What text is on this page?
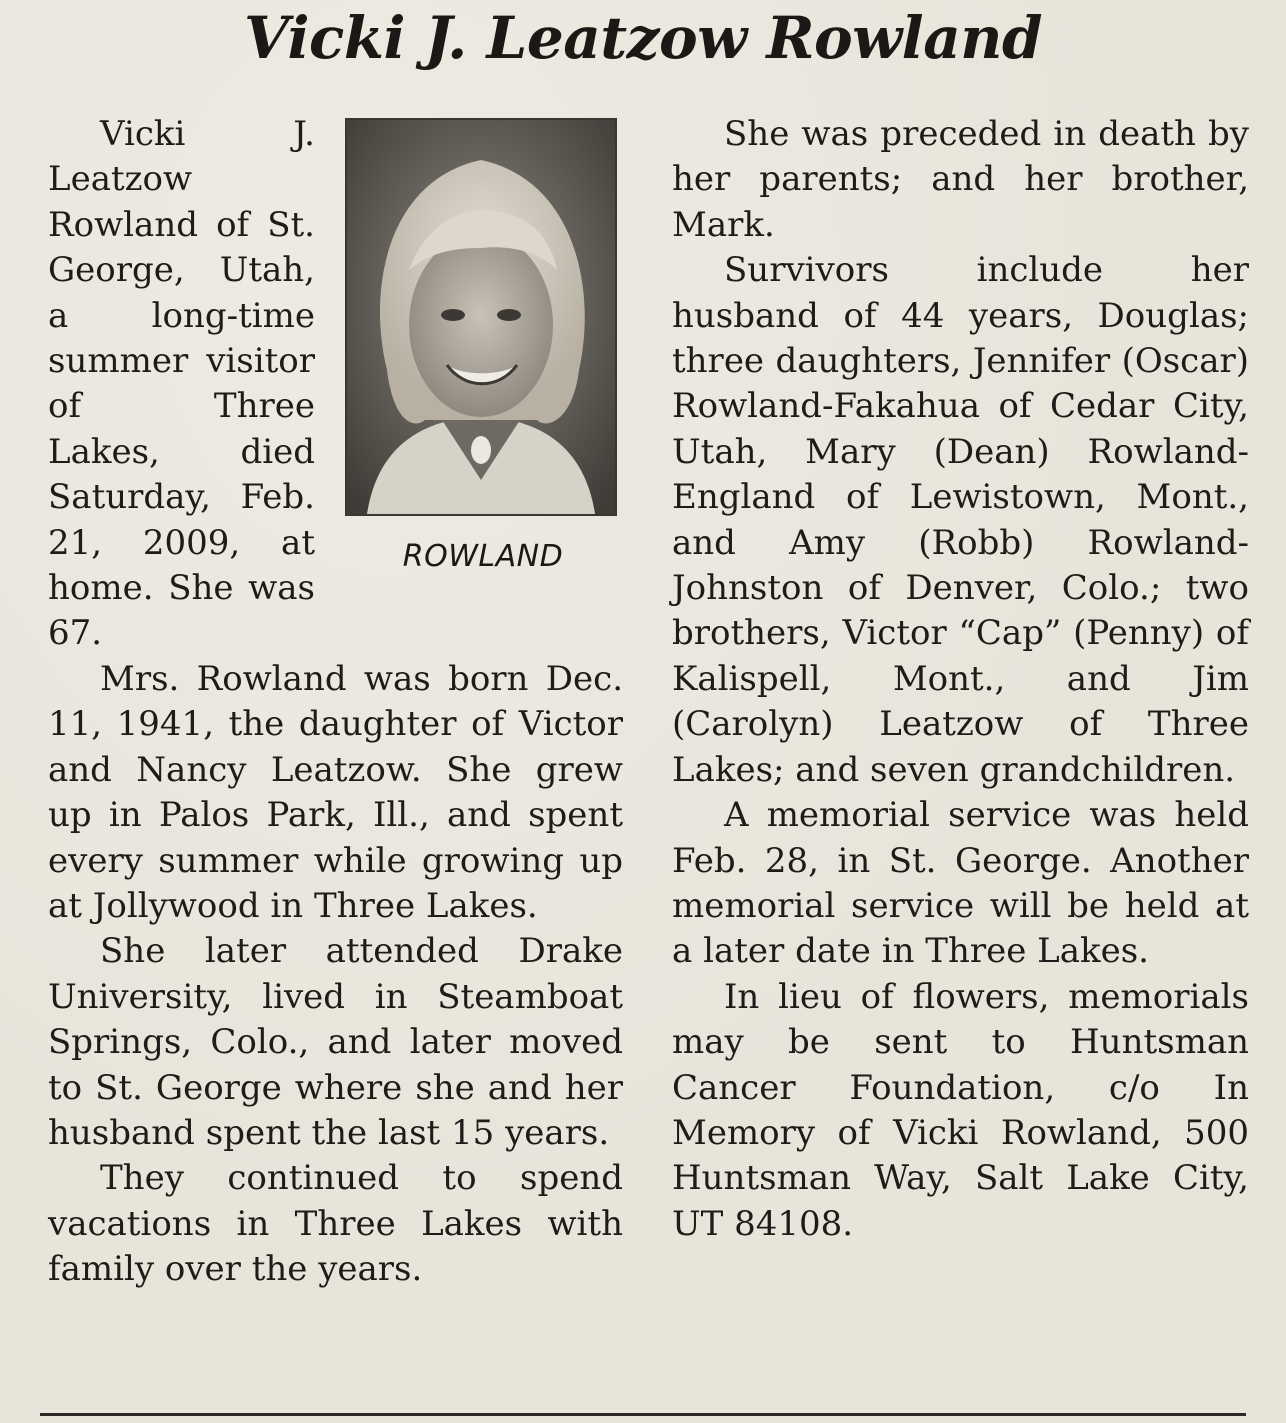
Vicki J. Leatzow Rowland
ROWLAND

Vicki J. Leatzow Rowland of St. George, Utah, a long-time summer visitor of Three Lakes, died Saturday, Feb. 21, 2009, at home. She was 67.

Mrs. Rowland was born Dec. 11, 1941, the daughter of Victor and Nancy Leatzow. She grew up in Palos Park, Ill., and spent every summer while growing up at Jollywood in Three Lakes.

She later attended Drake University, lived in Steamboat Springs, Colo., and later moved to St. George where she and her husband spent the last 15 years.

They continued to spend vacations in Three Lakes with family over the years.

She was preceded in death by her parents; and her brother, Mark.

Survivors include her husband of 44 years, Douglas; three daughters, Jennifer (Oscar) Rowland-Fakahua of Cedar City, Utah, Mary (Dean) Rowland-England of Lewistown, Mont., and Amy (Robb) Rowland-Johnston of Denver, Colo.; two brothers, Victor “Cap” (Penny) of Kalispell, Mont., and Jim (Carolyn) Leatzow of Three Lakes; and seven grandchildren.

A memorial service was held Feb. 28, in St. George. Another memorial service will be held at a later date in Three Lakes.

In lieu of flowers, memorials may be sent to Huntsman Cancer Foundation, c/o In Memory of Vicki Rowland, 500 Huntsman Way, Salt Lake City, UT 84108.
